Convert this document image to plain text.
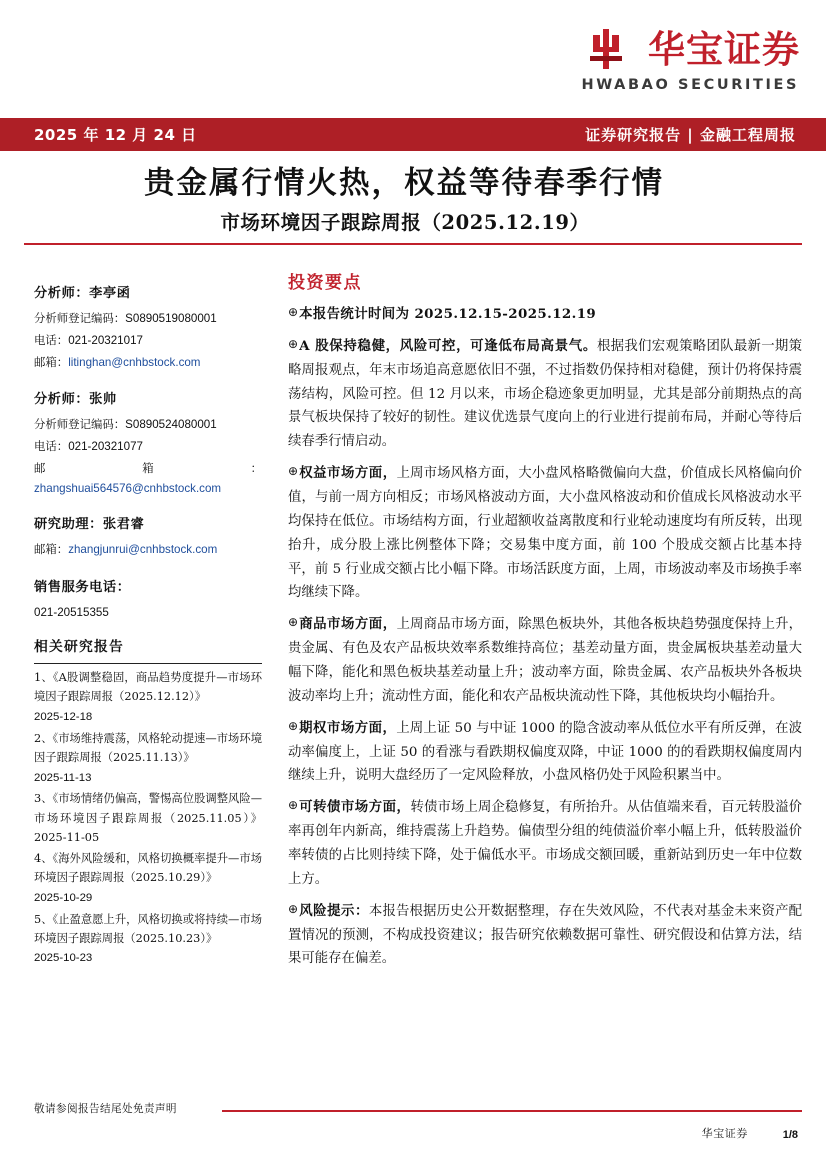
华宝证券
HWABAO SECURITIES
2025 年 12 月 24 日	证券研究报告 | 金融工程周报
贵金属行情火热，权益等待春季行情
市场环境因子跟踪周报（2025.12.19）
分析师：李亭函
分析师登记编码：S0890519080001
电话：021-20321017
邮箱：litinghan@cnhbstock.com
分析师：张帅
分析师登记编码：S0890524080001
电话：021-20321077
邮	箱	：
zhangshuai564576@cnhbstock.com
研究助理：张君睿
邮箱：zhangjunrui@cnhbstock.com
销售服务电话：
021-20515355
相关研究报告
1、《A股调整稳固，商品趋势度提升—市场环境因子跟踪周报（2025.12.12）》
2025-12-18
2、《市场维持震荡，风格轮动提速—市场环境因子跟踪周报（2025.11.13）》
2025-11-13
3、《市场情绪仍偏高，警惕高位股调整风险—市场环境因子跟踪周报（2025.11.05）》 2025-11-05
4、《海外风险缓和，风格切换概率提升—市场环境因子跟踪周报（2025.10.29）》
2025-10-29
5、《止盈意愿上升，风格切换或将持续—市场环境因子跟踪周报（2025.10.23）》
2025-10-23
投资要点

⊕本报告统计时间为 2025.12.15-2025.12.19

⊕A 股保持稳健，风险可控，可逢低布局高景气。根据我们宏观策略团队最新一期策略周报观点，年末市场追高意愿依旧不强，不过指数仍保持相对稳健，预计仍将保持震荡结构，风险可控。但 12 月以来，市场企稳迹象更加明显，尤其是部分前期热点的高景气板块保持了较好的韧性。建议优选景气度向上的行业进行提前布局，并耐心等待后续春季行情启动。

⊕权益市场方面，上周市场风格方面，大小盘风格略微偏向大盘，价值成长风格偏向价值，与前一周方向相反；市场风格波动方面，大小盘风格波动和价值成长风格波动水平均保持在低位。市场结构方面，行业超额收益离散度和行业轮动速度均有所反转，出现抬升，成分股上涨比例整体下降；交易集中度方面，前 100 个股成交额占比基本持平，前 5 行业成交额占比小幅下降。市场活跃度方面，上周，市场波动率及市场换手率均继续下降。

⊕商品市场方面，上周商品市场方面，除黑色板块外，其他各板块趋势强度保持上升，贵金属、有色及农产品板块效率系数维持高位；基差动量方面，贵金属板块基差动量大幅下降，能化和黑色板块基差动量上升；波动率方面，除贵金属、农产品板块外各板块波动率均上升；流动性方面，能化和农产品板块流动性下降，其他板块均小幅抬升。

⊕期权市场方面，上周上证 50 与中证 1000 的隐含波动率从低位水平有所反弹，在波动率偏度上，上证 50 的看涨与看跌期权偏度双降，中证 1000 的的看跌期权偏度周内继续上升，说明大盘经历了一定风险释放，小盘风格仍处于风险积累当中。

⊕可转债市场方面，转债市场上周企稳修复，有所抬升。从估值端来看，百元转股溢价率再创年内新高，维持震荡上升趋势。偏债型分组的纯债溢价率小幅上升，低转股溢价率转债的占比则持续下降，处于偏低水平。市场成交额回暖，重新站到历史一年中位数上方。

⊕风险提示：本报告根据历史公开数据整理，存在失效风险，不代表对基金未来资产配置情况的预测，不构成投资建议；报告研究依赖数据可靠性、研究假设和估算方法，结果可能存在偏差。

敬请参阅报告结尾处免责声明
华宝证券	1/8
